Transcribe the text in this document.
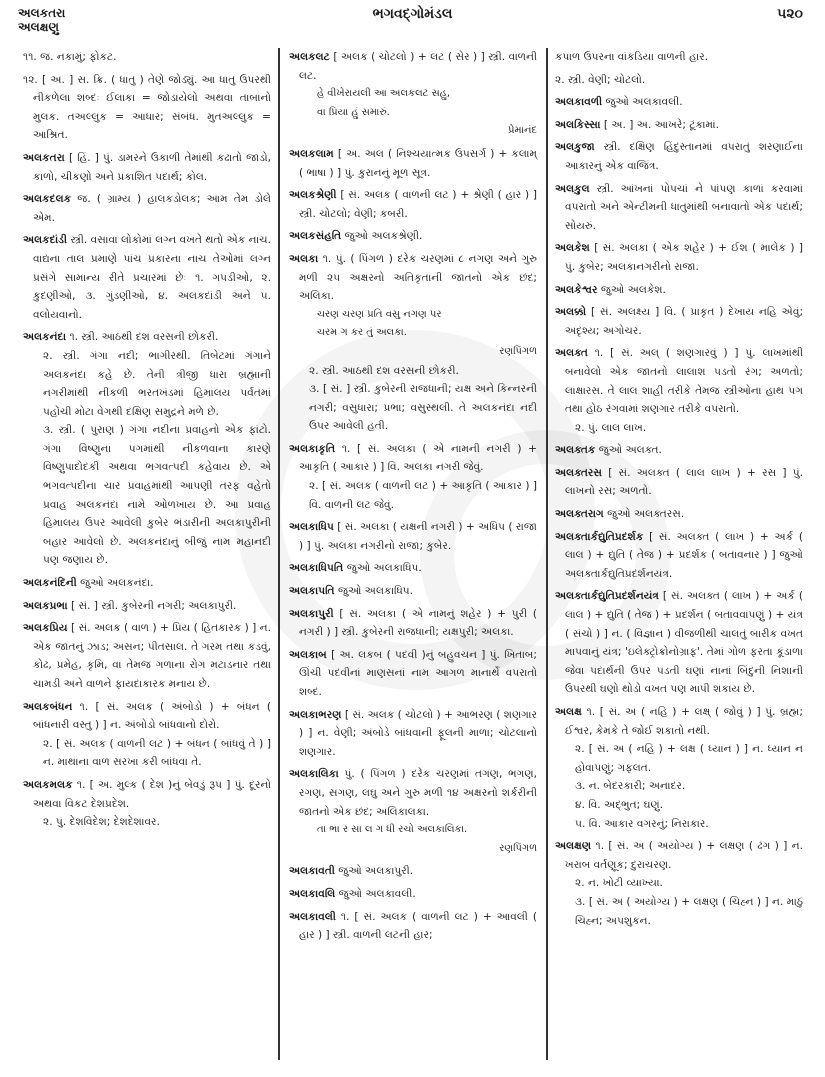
અલકતરા
અલક્ષણુ
ભગવદ્ગોમંડલ	૫૨૦
૧૧. જ. નકામું; ફોકટ.
૧૨. [ અ. ] સ. ક્રિ. ( ધાતુ ) તેણે જોડ્યું. આ ધાતુ ઉપરથી નીકળેલા શબ્દઃ ઈલાકા = જોડાયેલો અથવા તાબાનો મુલક. તઅલ્લુક = આધાર; સંબંધ. મુતઅલ્લુક = આશ્રિત.
અલકતરા [ હિં. ] પું. ડામરને ઉકાળી તેમાંથી કઢાતો જાડો, કાળો, ચીકણો અને પ્રકાશિત પદાર્થ; કોલ.
અલકદલક જ. ( ગ્રામ્ય ) હાલકડોલક; આમ તેમ ડોલે એમ.
અલકદાંડી સ્ત્રી. વસાવા લોકોમાં લગ્ન વખતે થતો એક નાચ. વાદ્યના તાલ પ્રમાણે પાંચ પ્રકારના નાચ તેઓમાં લગ્ન પ્રસંગે સામાન્ય રીતે પ્રચારમાં છેઃ ૧. ગપડીઓ, ૨. કુદણીઓ, ૩. ગુંડણીઓ, ૪. અલકદાંડી અને ૫. વલોયવાનો.
અલકનંદા ૧. સ્ત્રી. આઠથી દશ વરસની છોકરી.
૨. સ્ત્રી. ગંગા નદી; ભાગીરથી. તિબેટમાં ગંગાને અલકનંદા કહે છે. તેની ત્રીજી ધારા બ્રહ્માની નગરીમાંથી નીકળી ભરતખંડમાં હિમાલય પર્વતમાં પહોંચી મોટા વેગથી દક્ષિણ સમુદ્રને મળે છે.
૩. સ્ત્રી. ( પુરાણ ) ગંગા નદીના પ્રવાહનો એક ફાંટો. ગંગા વિષ્ણુના પગમાંથી નીકળવાના કારણે વિષ્ણુપાદોદકી અથવા ભગવત્પદી કહેવાય છે. એ ભગવત્પદીના ચાર પ્રવાહમાંથી આપણી તરફ વહેતો પ્રવાહ અલકનંદા નામે ઓળખાય છે. આ પ્રવાહ હિમાલય ઉપર આવેલી કુબેર ભંડારીની અલકાપુરીની બહાર આવેલો છે. અલકનંદાનું બીજું નામ મહાનદી પણ જણાય છે.
અલકનંદિની જુઓ અલકનંદા.
અલકપ્રભા [ સં. ] સ્ત્રી. કુબેરની નગરી; અલકાપુરી.
અલકપ્રિય [ સં. અલક ( વાળ ) + પ્રિય ( હિતકારક ) ] ન. એક જાતનું ઝાડ; અસન; પીતસાલ. તે ગરમ તથા કડવું, કોઢ, પ્રમેહ, કૃમિ, વા તેમજ ગળાના રોગ મટાડનાર તથા ચામડી અને વાળને ફાયદાકારક મનાય છે.
અલકબંધન ૧. [ સં. અલક ( અંબોડો ) + બંધન ( બાંધનારી વસ્તુ ) ] ન. અંબોડો બાંધવાનો દોરો.
૨. [ સં. અલક ( વાળની લટ ) + બંધન ( બાંધવું તે ) ] ન. માથાના વાળ સરખા કરી બાંધવા તે.
અલકમલક ૧. [ અ. મુલ્ક ( દેશ )નું બેવડું રૂપ ] પું. દૂરનો અથવા વિકટ દેશપ્રદેશ.
૨. પું. દેશવિદેશ; દેશદેશાવર.
અલકલટ [ અલક ( ચોટલો ) + લટ ( સેર ) ] સ્ત્રી. વાળની લટ.
હે વીખેરાયલી આ અલકલટ સહુ,
વા પ્રિયા હું સમારું.
પ્રેમાનંદ
અલકલામ [ અ. અલ ( નિશ્ચયાત્મક ઉપસર્ગ ) + કલામ્ ( ભાષા ) ] પું. કુરાનનું મૂળ સૂત્ર.
અલકશ્રેણી [ સં. અલક ( વાળની લટ ) + શ્રેણી ( હાર ) ] સ્ત્રી. ચોટલો; વેણી; કબરી.
અલકસંહતિ જુઓ અલકશ્રેણી.
અલકા ૧. પું. ( પિંગળ ) દરેક ચરણમાં ૮ નગણ અને ગુરુ મળી ૨૫ અક્ષરનો અતિકૃતાની જાતનો એક છંદ; અલિકા.
ચરણ ચરણ પ્રતિ વસુ નગણ પર
ચરમ ગ કર તું અલકા.
રણપિંગળ
૨. સ્ત્રી. આઠથી દશ વરસની છોકરી.
૩. [ સં. ] સ્ત્રી. કુબેરની રાજધાની; યક્ષ અને કિન્નરની નગરી; વસુધારા; પ્રભા; વસુસ્થલી. તે અલકનંદા નદી ઉપર આવેલી હતી.
અલકાકૃતિ ૧. [ સં. અલકા ( એ નામની નગરી ) + આકૃતિ ( આકાર ) ] વિ. અલકા નગરી જેવું.
૨. [ સં. અલક ( વાળની લટ ) + આકૃતિ ( આકાર ) ] વિ. વાળની લટ જેવું.
અલકાધિપ [ સં. અલકા ( યક્ષની નગરી ) + અધિપ ( રાજા ) ] પું. અલકા નગરીનો રાજા; કુબેર.
અલકાધિપતિ જુઓ અલકાધિપ.
અલકાપતિ જુઓ અલકાધિપ.
અલકાપુરી [ સં. અલકા ( એ નામનું શહેર ) + પુરી ( નગરી ) ] સ્ત્રી. કુબેરની રાજધાની; યક્ષપુરી; અલકા.
અલકાબ [ અ. લકબ ( પદવી )નું બહુવચન ] પું. ખિતાબ; ઊંચી પદવીનાં માણસનાં નામ આગળ માનાર્થે વપરાતો શબ્દ.
અલકાભરણ [ સં. અલક ( ચોટલો ) + આભરણ ( શણગાર ) ] ન. વેણી; અંબોડે બાંધવાની ફૂલની માળા; ચોટલાનો શણગાર.
અલકાલિકા પું. ( પિંગળ ) દરેક ચરણમાં તગણ, ભગણ, રગણ, સગણ, લઘુ અને ગુરુ મળી ૧૪ અક્ષરનો શર્કરીની જાતનો એક છંદ; અલિકાલકા.
તા ભા ર સા લ ગ ધી રચો અલકાલિકા.
રણપિંગળ
અલકાવતી જુઓ અલકાપુરી.
અલકાવલિ જુઓ અલકાવલી.
અલકાવલી ૧. [ સં. અલક ( વાળની લટ ) + આવલી ( હાર ) ] સ્ત્રી. વાળની લટની હાર;
કપાળ ઉપરના વાંકડિયા વાળની હાર.
૨. સ્ત્રી. વેણી; ચોટલો.
અલકાવળી જુઓ અલકાવલી.
અલકિસ્સા [ અ. ] અ. આખરે; ટૂંકામાં.
અલકુજા સ્ત્રી. દક્ષિણ હિંદુસ્તાનમાં વપરાતું શરણાઈના આકારનું એક વાજિંત્ર.
અલકુલ સ્ત્રી. આંખનાં પોપચાં ને પાંપણ કાળાં કરવામાં વપરાતો અને એન્ટીમની ધાતુમાંથી બનાવાતો એક પદાર્થ; સોયરું.
અલકેશ [ સં. અલકા ( એક શહેર ) + ઈશ ( માલેક ) ] પું. કુબેર; અલકાનગરીનો રાજા.
અલકેશ્વર જુઓ અલકેશ.
અલક્કો [ સં. અલક્ષ્ય ] વિ. ( પ્રાકૃત ) દેખાય નહિ એવું; અદૃશ્ય; અગોચર.
અલક્ત ૧. [ સં. અલ્ ( શણગારવું ) ] પું. લાખમાંથી બનાવેલો એક જાતનો લાલાશ પડતો રંગ; અળતો; લાક્ષારસ. તે લાલ શાહી તરીકે તેમજ સ્ત્રીઓના હાથ પગ તથા હોઠ રંગવામાં શણગાર તરીકે વપરાતો.
૨. પું. લાલ લાખ.
અલક્તક જુઓ અલક્ત.
અલક્તરસ [ સં. અલક્ત ( લાલ લાખ ) + રસ ] પું. લાખનો રસ; અળતો.
અલક્તરાગ જુઓ અલક્તરસ.
અલક્તાર્કદ્યુતિપ્રદર્શક [ સં. અલક્ત ( લાખ ) + અર્ક ( લાલ ) + દ્યુતિ ( તેજ ) + પ્રદર્શક ( બતાવનાર ) ] જુઓ અલક્તાર્કદ્યુતિપ્રદર્શનયંત્ર.
અલક્તાર્કદ્યુતિપ્રદર્શનયંત્ર [ સં. અલક્ત ( લાખ ) + અર્ક ( લાલ ) + દ્યુતિ ( તેજ ) + પ્રદર્શન ( બતાવવાપણું ) + યંત્ર ( સંચો ) ] ન. ( વિજ્ઞાન ) વીજળીથી ચાલતું બારીક વખત માપવાનું યંત્ર; 'ઇલેક્ટ્રોક્રોનોગ્રાફ'. તેમાં ગોળ ફરતા કૂંડાળા જેવા પદાર્થની ઉપર પડતી ઘણાં નાનાં બિંદુની નિશાની ઉપરથી ઘણો થોડો વખત પણ માપી શકાય છે.
અલક્ષ ૧. [ સં. અ ( નહિ ) + લક્ષ્ ( જોવું ) ] પું. બ્રહ્મ; ઈશ્વર, કેમકે તે જોઈ શકાતો નથી.
૨. [ સં. અ ( નહિ ) + લક્ષ ( ધ્યાન ) ] ન. ધ્યાન ન હોવાપણું; ગફલત.
૩. ન. બેદરકારી; અનાદર.
૪. વિ. અદ્ભુત; ઘણું.
૫. વિ. આકાર વગરનું; નિરાકાર.
અલક્ષણ ૧. [ સં. અ ( અયોગ્ય ) + લક્ષણ ( ઢંગ ) ] ન. ખરાબ વર્તણૂક; દુરાચરણ.
૨. ન. ખોટી વ્યાખ્યા.
૩. [ સં. અ ( અયોગ્ય ) + લક્ષણ ( ચિહ્ન ) ] ન. માઠું ચિહ્ન; અપશુકન.
